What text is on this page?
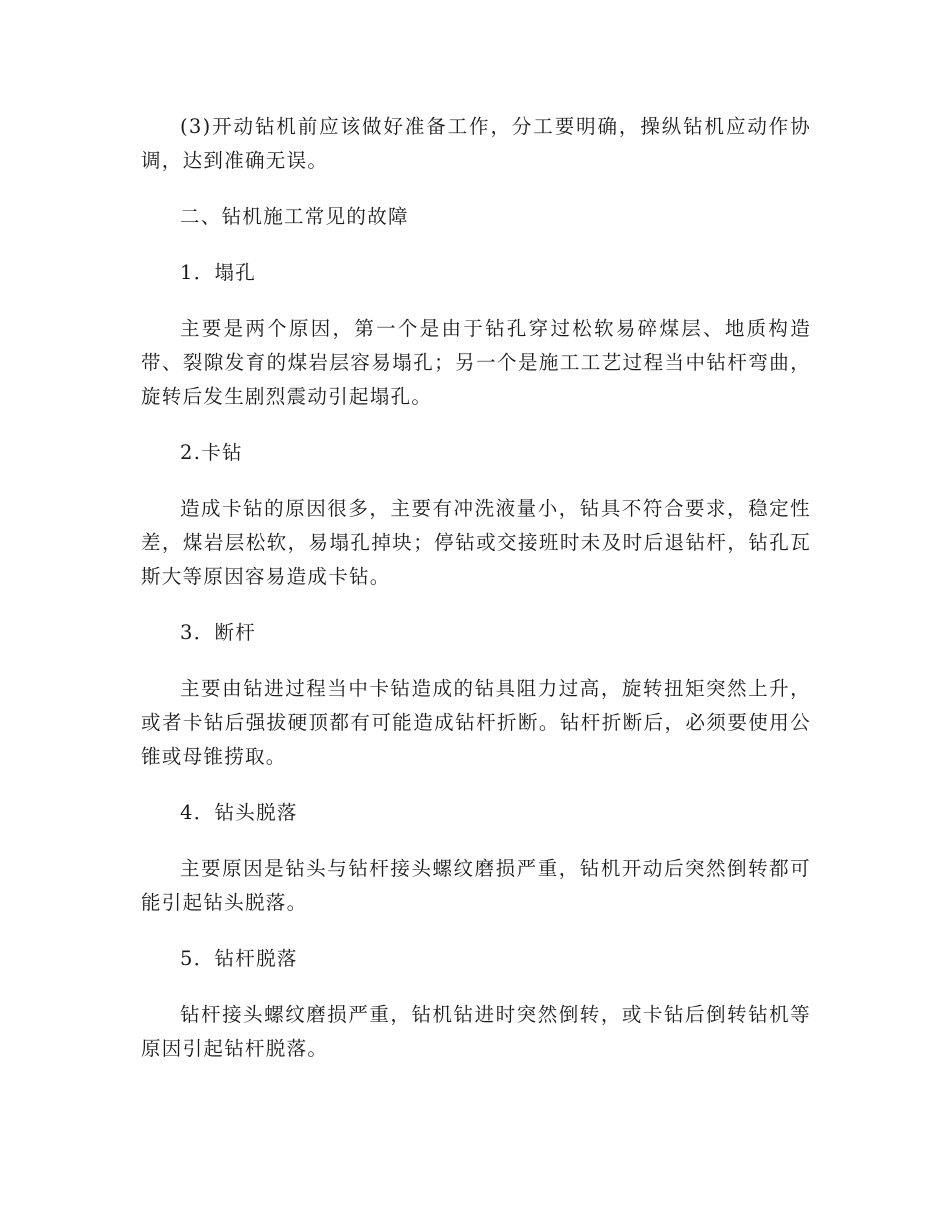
(3)开动钻机前应该做好准备工作，分工要明确，操纵钻机应动作协调，达到准确无误。

二、钻机施工常见的故障

1．塌孔

主要是两个原因，第一个是由于钻孔穿过松软易碎煤层、地质构造带、裂隙发育的煤岩层容易塌孔；另一个是施工工艺过程当中钻杆弯曲，旋转后发生剧烈震动引起塌孔。

2.卡钻

造成卡钻的原因很多，主要有冲洗液量小，钻具不符合要求，稳定性差，煤岩层松软，易塌孔掉块；停钻或交接班时未及时后退钻杆，钻孔瓦斯大等原因容易造成卡钻。

3．断杆

主要由钻进过程当中卡钻造成的钻具阻力过高，旋转扭矩突然上升，或者卡钻后强拔硬顶都有可能造成钻杆折断。钻杆折断后，必须要使用公锥或母锥捞取。

4．钻头脱落

主要原因是钻头与钻杆接头螺纹磨损严重，钻机开动后突然倒转都可能引起钻头脱落。

5．钻杆脱落

钻杆接头螺纹磨损严重，钻机钻进时突然倒转，或卡钻后倒转钻机等原因引起钻杆脱落。
